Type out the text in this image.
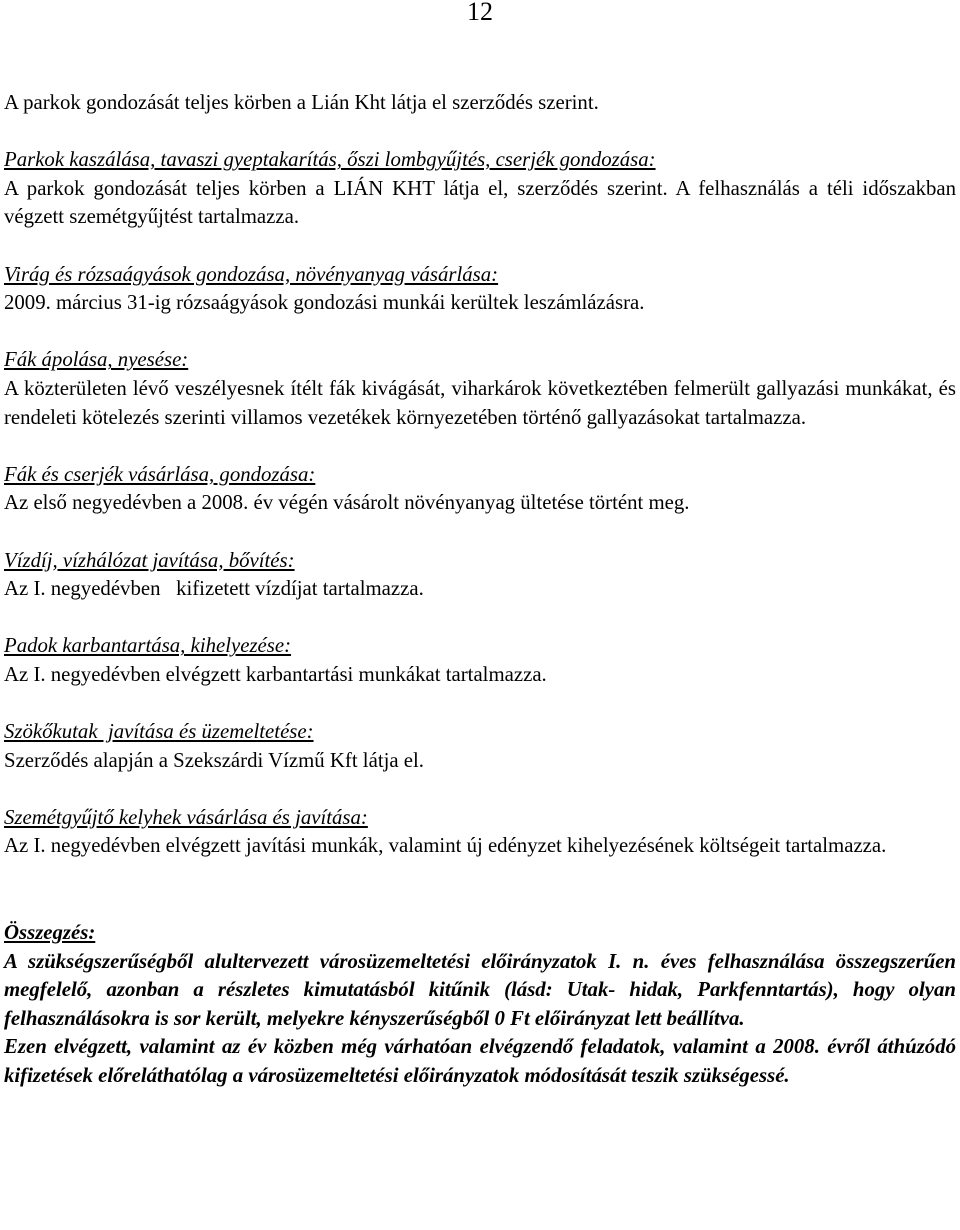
12

A parkok gondozását teljes körben a Lián Kht látja el szerződés szerint.

Parkok kaszálása, tavaszi gyeptakarítás, őszi lombgyűjtés, cserjék gondozása:

A parkok gondozását teljes körben a LIÁN KHT látja el, szerződés szerint. A felhasználás a téli időszakban végzett szemétgyűjtést tartalmazza.

Virág és rózsaágyások gondozása, növényanyag vásárlása:

2009. március 31-ig rózsaágyások gondozási munkái kerültek leszámlázásra.

Fák ápolása, nyesése:

A közterületen lévő veszélyesnek ítélt fák kivágását, viharkárok következtében felmerült gallyazási munkákat, és rendeleti kötelezés szerinti villamos vezetékek környezetében történő gallyazásokat tartalmazza.

Fák és cserjék vásárlása, gondozása:

Az első negyedévben a 2008. év végén vásárolt növényanyag ültetése történt meg.

Vízdíj, vízhálózat javítása, bővítés:

Az I. negyedévben   kifizetett vízdíjat tartalmazza.

Padok karbantartása, kihelyezése:

Az I. negyedévben elvégzett karbantartási munkákat tartalmazza.

Szökőkutak  javítása és üzemeltetése:

Szerződés alapján a Szekszárdi Vízmű Kft látja el.

Szemétgyűjtő kelyhek vásárlása és javítása:

Az I. negyedévben elvégzett javítási munkák, valamint új edényzet kihelyezésének költségeit tartalmazza.

Összegzés:

A szükségszerűségből alultervezett városüzemeltetési előirányzatok I. n. éves felhasználása összegszerűen megfelelő, azonban a részletes kimutatásból kitűnik (lásd: Utak- hidak, Parkfenntartás), hogy olyan felhasználásokra is sor került, melyekre kényszerűségből 0 Ft előirányzat lett beállítva.

Ezen elvégzett, valamint az év közben még várhatóan elvégzendő feladatok, valamint a 2008. évről áthúzódó kifizetések előreláthatólag a városüzemeltetési előirányzatok módosítását teszik szükségessé.
